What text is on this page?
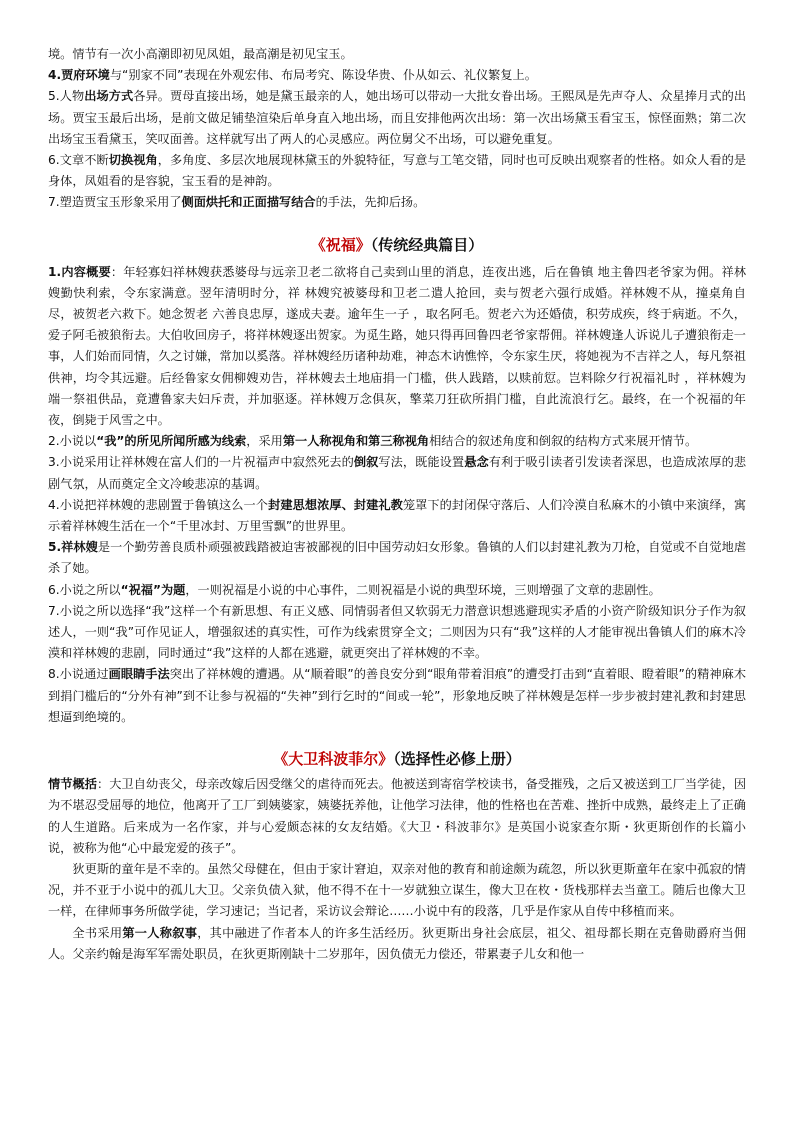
境。情节有一次小高潮即初见凤姐，最高潮是初见宝玉。

4.贾府环境与“别家不同”表现在外观宏伟、布局考究、陈设华贵、仆从如云、礼仪繁复上。

5.人物出场方式各异。贾母直接出场，她是黛玉最亲的人，她出场可以带动一大批女眷出场。王熙凤是先声夺人、众星捧月式的出场。贾宝玉最后出场，是前文做足铺垫渲染后单身直入地出场，而且安排他两次出场：第一次出场黛玉看宝玉，惊怪面熟；第二次出场宝玉看黛玉，笑叹面善。这样就写出了两人的心灵感应。两位舅父不出场，可以避免重复。

6.文章不断切换视角，多角度、多层次地展现林黛玉的外貌特征，写意与工笔交错，同时也可反映出观察者的性格。如众人看的是身体，凤姐看的是容貌，宝玉看的是神韵。

7.塑造贾宝玉形象采用了侧面烘托和正面描写结合的手法，先抑后扬。

《祝福》（传统经典篇目）

1.内容概要：年轻寡妇祥林嫂获悉婆母与远亲卫老二欲将自己卖到山里的消息，连夜出逃，后在鲁镇 地主鲁四老爷家为佣。祥林嫂勤快利索，令东家满意。翌年清明时分，祥 林嫂究被婆母和卫老二遣人抢回，卖与贺老六强行成婚。祥林嫂不从，撞桌角自尽，被贺老六救下。她念贺老 六善良忠厚，遂成夫妻。逾年生一子 ，取名阿毛。贺老六为还婚债，积劳成疾，终于病逝。不久，爱子阿毛被狼衔去。大伯收回房子，将祥林嫂逐出贺家。为觅生路，她只得再回鲁四老爷家帮佣。祥林嫂逢人诉说儿子遭狼衔走一事，人们始而同情，久之讨嫌，常加以奚落。祥林嫂经历诸种劫难，神态木讷憔悴，令东家生厌，将她视为不吉祥之人，每凡祭祖供神，均令其远避。后经鲁家女佣柳嫂劝告，祥林嫂去土地庙捐一门槛，供人践踏，以赎前愆。岂料除夕行祝福礼时 ，祥林嫂为端一祭祖供品，竟遭鲁家夫妇斥责，并加驱逐。祥林嫂万念俱灰，擎菜刀狂砍所捐门槛，自此流浪行乞。最终，在一个祝福的年夜，倒毙于风雪之中。

2.小说以“我”的所见所闻所感为线索，采用第一人称视角和第三称视角相结合的叙述角度和倒叙的结构方式来展开情节。

3.小说采用让祥林嫂在富人们的一片祝福声中寂然死去的倒叙写法，既能设置悬念有利于吸引读者引发读者深思，也造成浓厚的悲剧气氛，从而奠定全文冷峻悲凉的基调。

4.小说把祥林嫂的悲剧置于鲁镇这么一个封建思想浓厚、封建礼教笼罩下的封闭保守落后、人们冷漠自私麻木的小镇中来演绎，寓示着祥林嫂生活在一个“千里冰封、万里雪飘”的世界里。

5.祥林嫂是一个勤劳善良质朴顽强被践踏被迫害被鄙视的旧中国劳动妇女形象。鲁镇的人们以封建礼教为刀枪，自觉或不自觉地虐杀了她。

6.小说之所以“祝福”为题，一则祝福是小说的中心事件，二则祝福是小说的典型环境，三则增强了文章的悲剧性。

7.小说之所以选择“我”这样一个有新思想、有正义感、同情弱者但又软弱无力潜意识想逃避现实矛盾的小资产阶级知识分子作为叙述人，一则“我”可作见证人，增强叙述的真实性，可作为线索贯穿全文；二则因为只有“我”这样的人才能审视出鲁镇人们的麻木冷漠和祥林嫂的悲剧，同时通过“我”这样的人都在逃避，就更突出了祥林嫂的不幸。

8.小说通过画眼睛手法突出了祥林嫂的遭遇。从“顺着眼”的善良安分到“眼角带着泪痕”的遭受打击到“直着眼、瞪着眼”的精神麻木到捐门槛后的“分外有神”到不让参与祝福的“失神”到行乞时的“间或一轮”，形象地反映了祥林嫂是怎样一步步被封建礼教和封建思想逼到绝境的。

《大卫科波菲尔》（选择性必修上册）

情节概括：大卫自幼丧父，母亲改嫁后因受继父的虐待而死去。他被送到寄宿学校读书，备受摧残，之后又被送到工厂当学徒，因为不堪忍受屈辱的地位，他离开了工厂到姨婆家，姨婆抚养他，让他学习法律，他的性格也在苦难、挫折中成熟，最终走上了正确的人生道路。后来成为一名作家，并与心爱颇态袜的女友结婚。《大卫・科波菲尔》是英国小说家查尔斯・狄更斯创作的长篇小说，被称为他“心中最宠爱的孩子”。

狄更斯的童年是不幸的。虽然父母健在，但由于家计窘迫，双亲对他的教育和前途颇为疏忽，所以狄更斯童年在家中孤寂的情况，并不亚于小说中的孤儿大卫。父亲负债入狱，他不得不在十一岁就独立谋生，像大卫在枚・货栈那样去当童工。随后也像大卫一样，在律师事务所做学徒，学习速记；当记者，采访议会辩论……小说中有的段落，几乎是作家从自传中移植而来。

全书采用第一人称叙事，其中融进了作者本人的许多生活经历。狄更斯出身社会底层，祖父、祖母都长期在克鲁勋爵府当佣人。父亲约翰是海军军需处职员，在狄更斯刚缺十二岁那年，因负债无力偿还，带累妻子儿女和他一
